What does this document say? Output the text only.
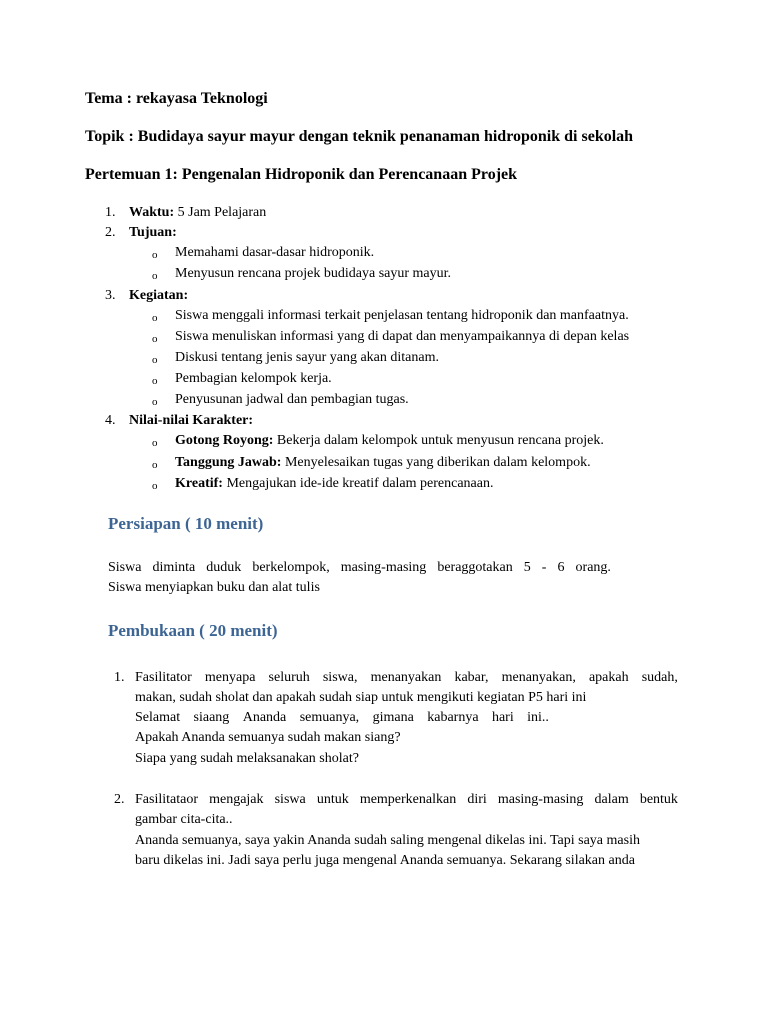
Tema : rekayasa Teknologi
Topik : Budidaya sayur mayur dengan teknik penanaman hidroponik di sekolah
Pertemuan 1: Pengenalan Hidroponik dan Perencanaan Projek
1. Waktu: 5 Jam Pelajaran
2. Tujuan:
o Memahami dasar-dasar hidroponik.
o Menyusun rencana projek budidaya sayur mayur.
3. Kegiatan:
o Siswa menggali informasi terkait penjelasan tentang hidroponik dan manfaatnya.
o Siswa menuliskan informasi yang di dapat dan menyampaikannya di depan kelas
o Diskusi tentang jenis sayur yang akan ditanam.
o Pembagian kelompok kerja.
o Penyusunan jadwal dan pembagian tugas.
4. Nilai-nilai Karakter:
o Gotong Royong: Bekerja dalam kelompok untuk menyusun rencana projek.
o Tanggung Jawab: Menyelesaikan tugas yang diberikan dalam kelompok.
o Kreatif: Mengajukan ide-ide kreatif dalam perencanaan.
Persiapan ( 10 menit)
Siswa diminta duduk berkelompok, masing-masing beraggotakan 5 - 6 orang.
Siswa menyiapkan buku dan alat tulis
Pembukaan ( 20 menit)
1. Fasilitator menyapa seluruh siswa, menanyakan kabar, menanyakan, apakah sudah,
makan, sudah sholat dan apakah sudah siap untuk mengikuti kegiatan P5 hari ini
Selamat siaang Ananda semuanya, gimana kabarnya hari ini..
Apakah Ananda semuanya sudah makan siang?
Siapa yang sudah melaksanakan sholat?
2. Fasilitataor mengajak siswa untuk memperkenalkan diri masing-masing dalam bentuk
gambar cita-cita..
Ananda semuanya, saya yakin Ananda sudah saling mengenal dikelas ini. Tapi saya masih
baru dikelas ini. Jadi saya perlu juga mengenal Ananda semuanya. Sekarang silakan anda
